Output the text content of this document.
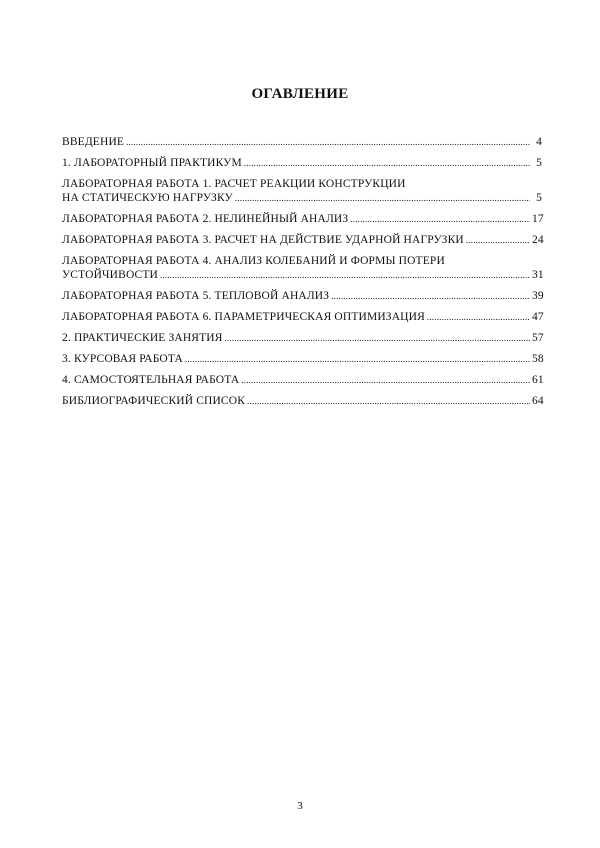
ОГАВЛЕНИЕ
ВВЕДЕНИЕ .....	4
1. ЛАБОРАТОРНЫЙ ПРАКТИКУМ .....	5
ЛАБОРАТОРНАЯ РАБОТА 1. РАСЧЕТ РЕАКЦИИ КОНСТРУКЦИИ
НА СТАТИЧЕСКУЮ НАГРУЗКУ .....	5
ЛАБОРАТОРНАЯ РАБОТА 2. НЕЛИНЕЙНЫЙ АНАЛИЗ .....	17
ЛАБОРАТОРНАЯ РАБОТА 3. РАСЧЕТ НА ДЕЙСТВИЕ УДАРНОЙ НАГРУЗКИ .....	24
ЛАБОРАТОРНАЯ РАБОТА 4. АНАЛИЗ КОЛЕБАНИЙ И ФОРМЫ ПОТЕРИ
УСТОЙЧИВОСТИ .....	31
ЛАБОРАТОРНАЯ РАБОТА 5. ТЕПЛОВОЙ АНАЛИЗ .....	39
ЛАБОРАТОРНАЯ РАБОТА 6. ПАРАМЕТРИЧЕСКАЯ ОПТИМИЗАЦИЯ .....	47
2. ПРАКТИЧЕСКИЕ ЗАНЯТИЯ .....	57
3. КУРСОВАЯ РАБОТА .....	58
4. САМОСТОЯТЕЛЬНАЯ РАБОТА .....	61
БИБЛИОГРАФИЧЕСКИЙ СПИСОК .....	64
3
